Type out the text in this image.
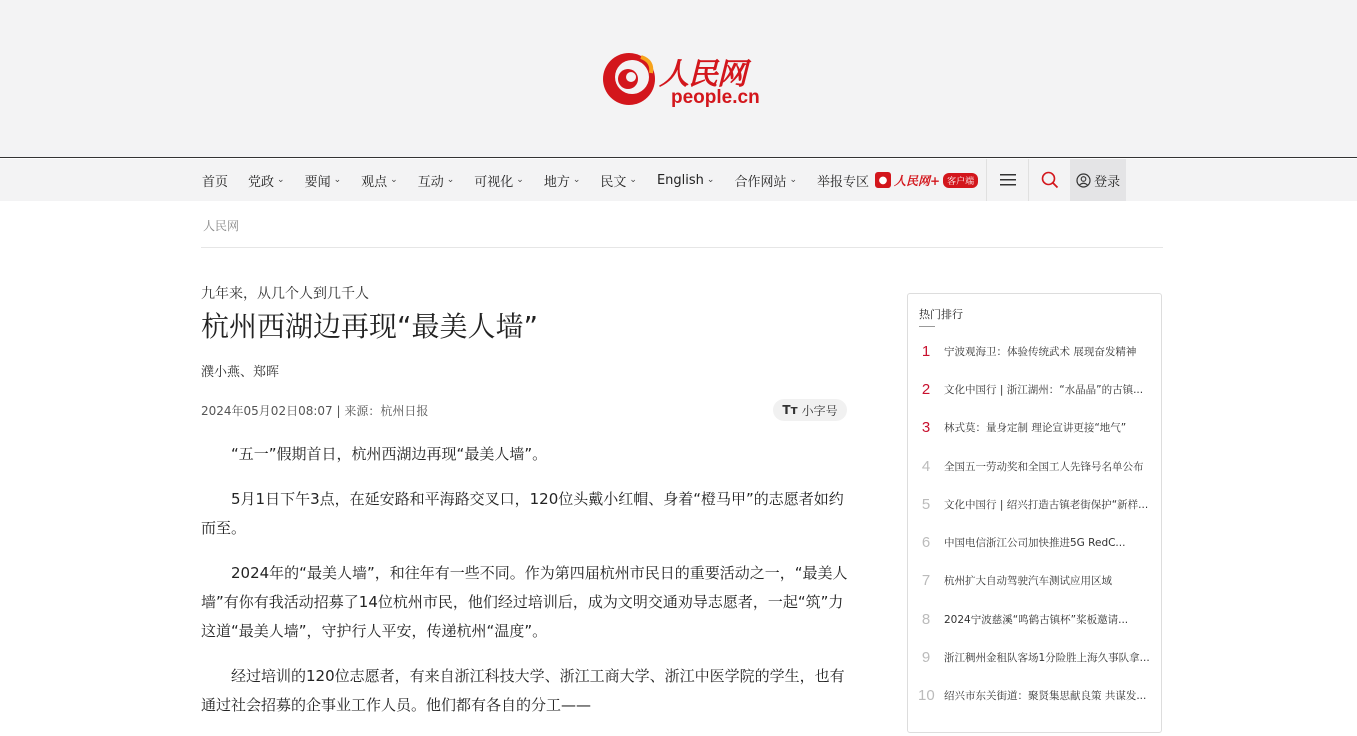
人民网
people.cn
首页 党政 ⌄ 要闻 ⌄ 观点 ⌄ 互动 ⌄ 可视化 ⌄ 地方 ⌄ 民文 ⌄ English ⌄ 合作网站 ⌄ 举报专区 ● 人民网+ 客户端	登录
人民网
九年来，从几个人到几千人
杭州西湖边再现“最美人墙”
濮小燕、郑晖
2024年05月02日08:07 | 来源：杭州日报	Tт 小字号

“五一”假期首日，杭州西湖边再现“最美人墙”。

5月1日下午3点，在延安路和平海路交叉口，120位头戴小红帽、身着“橙马甲”的志愿者如约而至。

2024年的“最美人墙”，和往年有一些不同。作为第四届杭州市民日的重要活动之一，“最美人墙”有你有我活动招募了14位杭州市民，他们经过培训后，成为文明交通劝导志愿者，一起“筑”力这道“最美人墙”，守护行人平安，传递杭州“温度”。

经过培训的120位志愿者，有来自浙江科技大学、浙江工商大学、浙江中医学院的学生，也有通过社会招募的企事业工作人员。他们都有各自的分工——

热门排行
1	宁波观海卫：体验传统武术 展现奋发精神
2	文化中国行 | 浙江湖州：“水晶晶”的古镇...
3	林式莫：量身定制 理论宣讲更接“地气”
4	全国五一劳动奖和全国工人先锋号名单公布
5	文化中国行 | 绍兴打造古镇老街保护“新样...
6	中国电信浙江公司加快推进5G RedC...
7	杭州扩大自动驾驶汽车测试应用区域
8	2024宁波慈溪“鸣鹤古镇杯”桨板邀请...
9	浙江稠州金租队客场1分险胜上海久事队拿...
10 绍兴市东关街道：聚贤集思献良策 共谋发...
